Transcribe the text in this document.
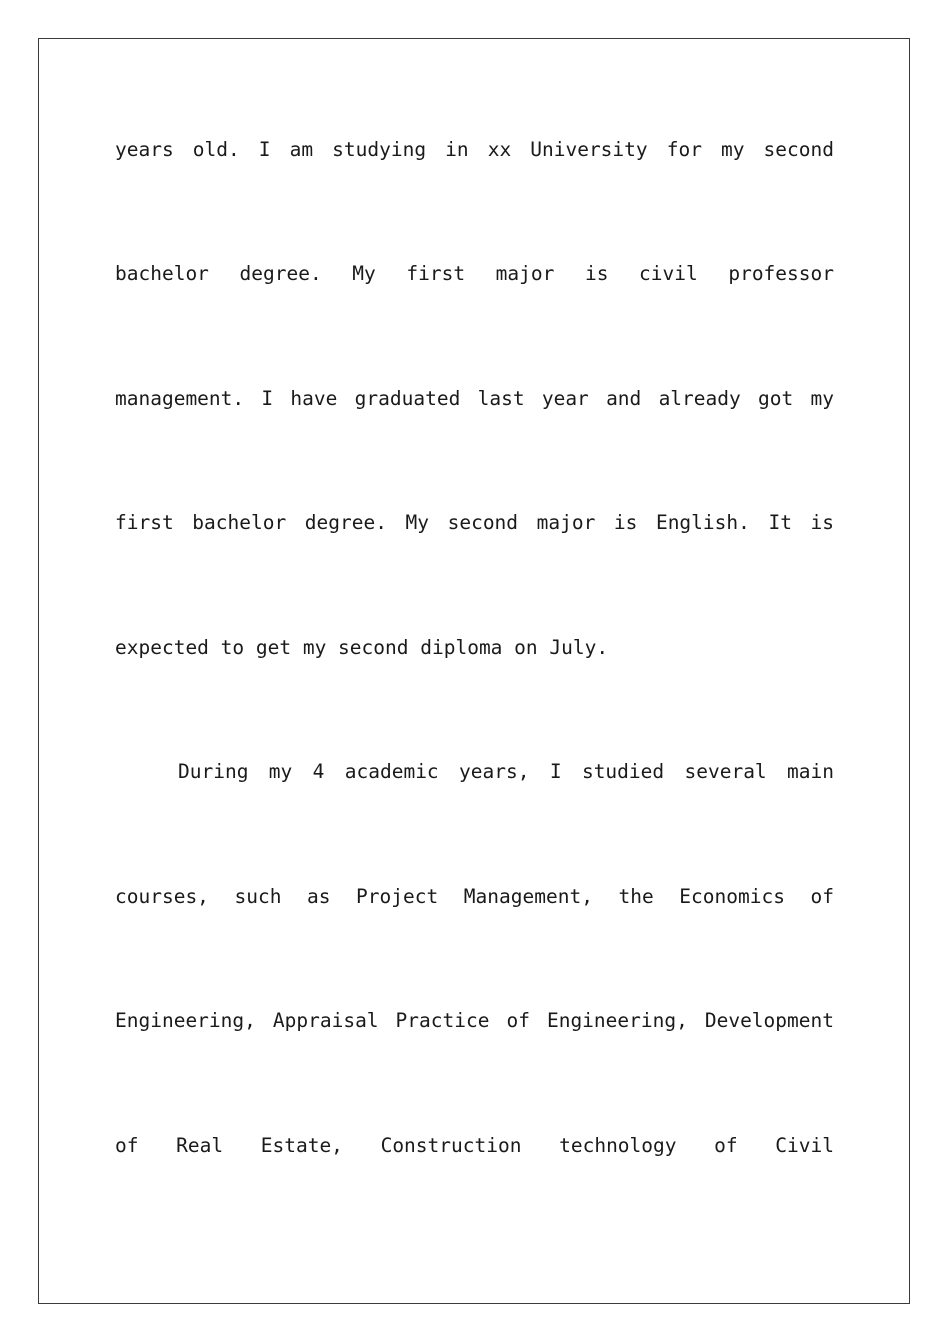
years old. I am studying in xx University for my second
bachelor degree. My first major is civil professor
management. I have graduated last year and already got my
first bachelor degree. My second major is English. It is
expected to get my second diploma on July.
During my 4 academic years, I studied several main
courses, such as Project Management, the Economics of
Engineering, Appraisal Practice of Engineering, Development
of Real Estate, Construction technology of Civil
